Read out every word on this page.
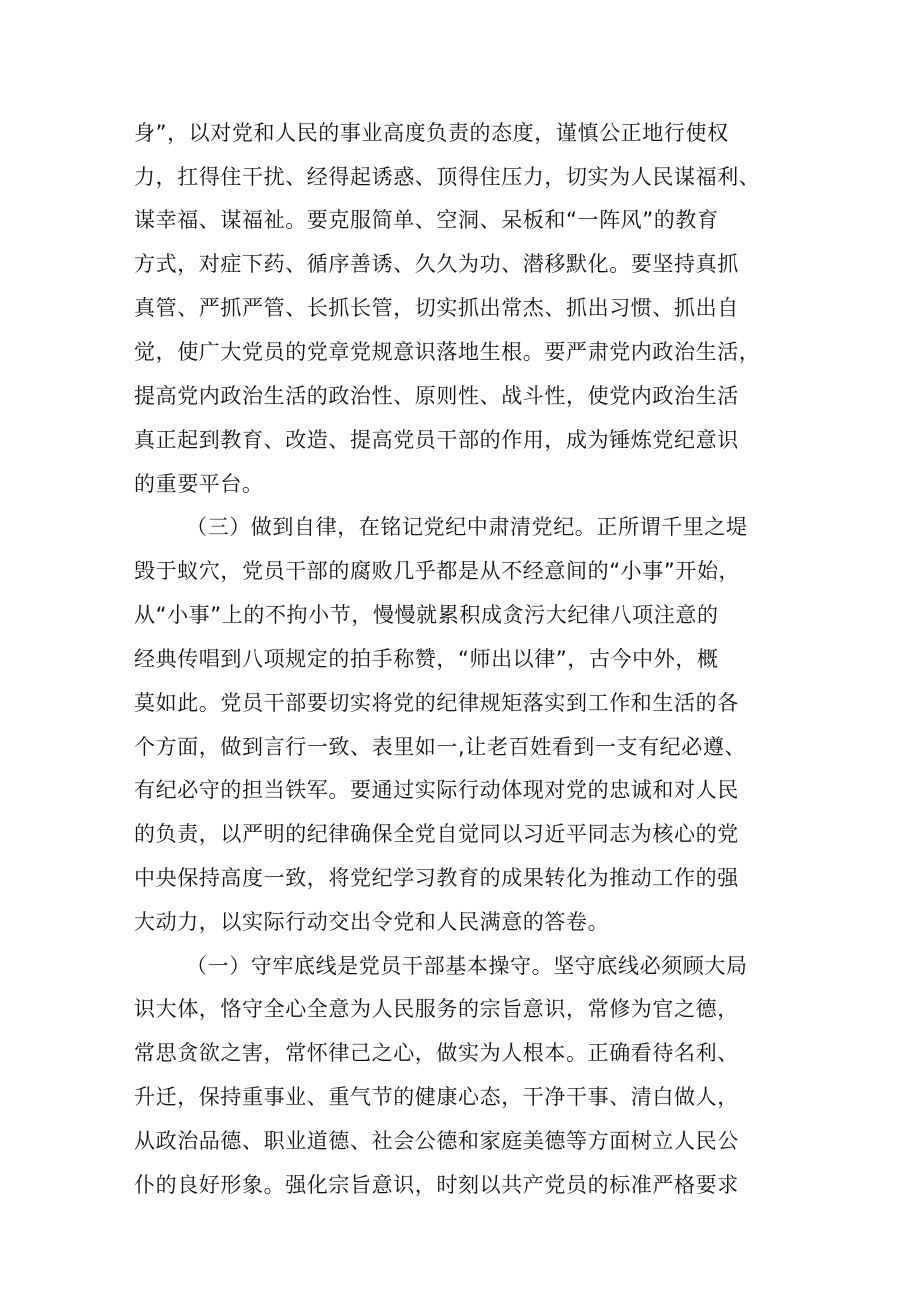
身”，以对党和人民的事业高度负责的态度，谨慎公正地行使权
力，扛得住干扰、经得起诱惑、顶得住压力，切实为人民谋福利、
谋幸福、谋福祉。要克服简单、空洞、呆板和“一阵风”的教育
方式，对症下药、循序善诱、久久为功、潜移默化。要坚持真抓
真管、严抓严管、长抓长管，切实抓出常杰、抓出习惯、抓出自
觉，使广大党员的党章党规意识落地生根。要严肃党内政治生活，
提高党内政治生活的政治性、原则性、战斗性，使党内政治生活
真正起到教育、改造、提高党员干部的作用，成为锤炼党纪意识
的重要平台。
（三）做到自律，在铭记党纪中肃清党纪。正所谓千里之堤
毁于蚁穴，党员干部的腐败几乎都是从不经意间的“小事”开始，
从“小事”上的不拘小节，慢慢就累积成贪污大纪律八项注意的
经典传唱到八项规定的拍手称赞，“师出以律”，古今中外，概
莫如此。党员干部要切实将党的纪律规矩落实到工作和生活的各
个方面，做到言行一致、表里如一,让老百姓看到一支有纪必遵、
有纪必守的担当铁军。要通过实际行动体现对党的忠诚和对人民
的负责，以严明的纪律确保全党自觉同以习近平同志为核心的党
中央保持高度一致，将党纪学习教育的成果转化为推动工作的强
大动力，以实际行动交出令党和人民满意的答卷。
（一）守牢底线是党员干部基本操守。坚守底线必须顾大局
识大体，恪守全心全意为人民服务的宗旨意识，常修为官之德，
常思贪欲之害，常怀律己之心，做实为人根本。正确看待名利、
升迁，保持重事业、重气节的健康心态，干净干事、清白做人，
从政治品德、职业道德、社会公德和家庭美德等方面树立人民公
仆的良好形象。强化宗旨意识，时刻以共产党员的标准严格要求
